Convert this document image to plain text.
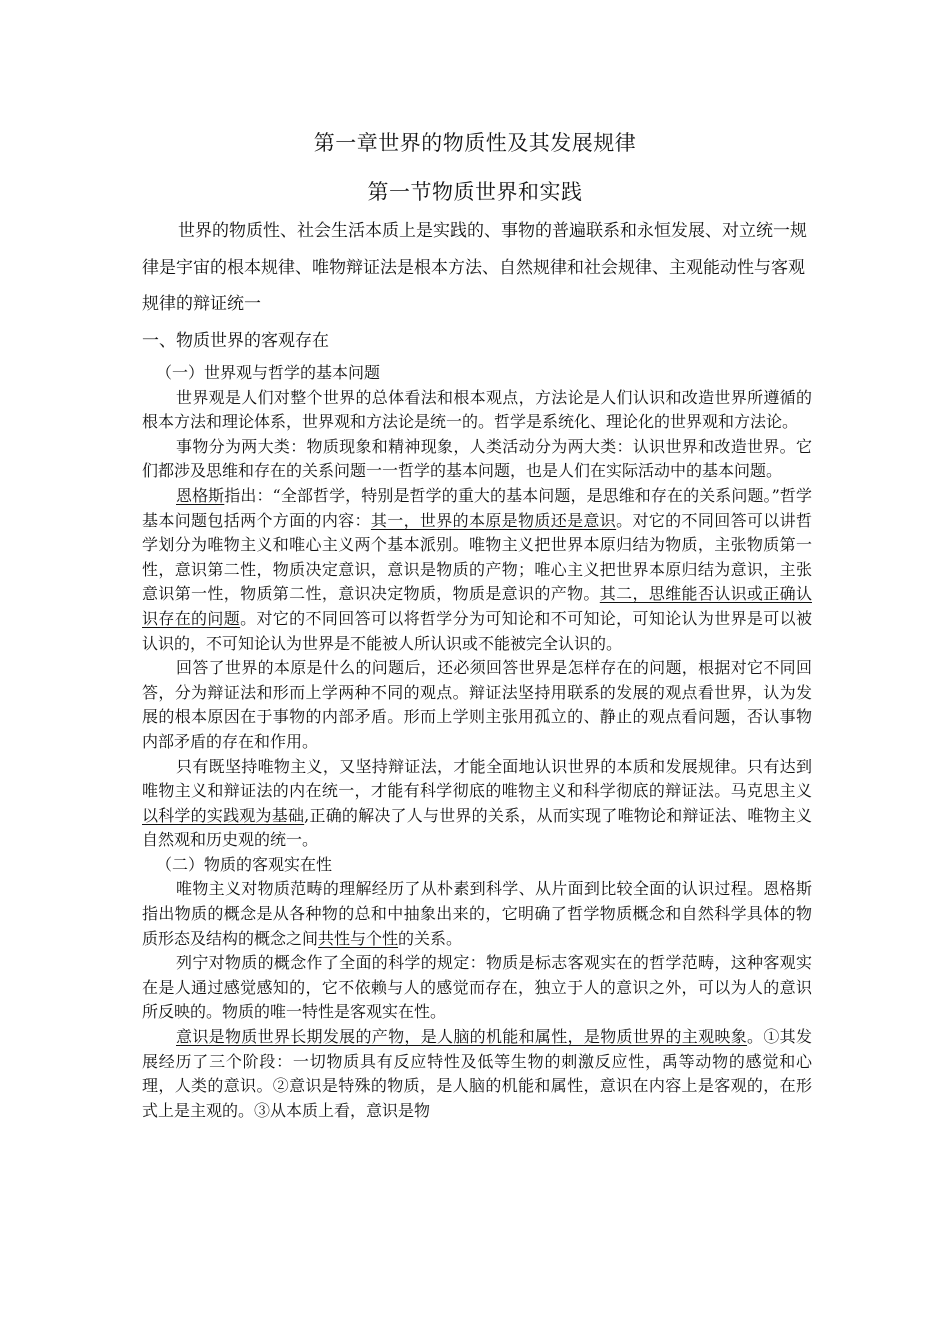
第一章世界的物质性及其发展规律
第一节物质世界和实践
世界的物质性、社会生活本质上是实践的、事物的普遍联系和永恒发展、对立统一规律是宇宙的根本规律、唯物辩证法是根本方法、自然规律和社会规律、主观能动性与客观规律的辩证统一
一、物质世界的客观存在

（一）世界观与哲学的基本问题

世界观是人们对整个世界的总体看法和根本观点，方法论是人们认识和改造世界所遵循的根本方法和理论体系，世界观和方法论是统一的。哲学是系统化、理论化的世界观和方法论。

事物分为两大类：物质现象和精神现象，人类活动分为两大类：认识世界和改造世界。它们都涉及思维和存在的关系问题一一哲学的基本问题，也是人们在实际活动中的基本问题。

恩格斯指出：“全部哲学，特别是哲学的重大的基本问题，是思维和存在的关系问题。”哲学基本问题包括两个方面的内容：其一，世界的本原是物质还是意识。对它的不同回答可以讲哲学划分为唯物主义和唯心主义两个基本派别。唯物主义把世界本原归结为物质，主张物质第一性，意识第二性，物质决定意识，意识是物质的产物；唯心主义把世界本原归结为意识，主张意识第一性，物质第二性，意识决定物质，物质是意识的产物。其二，思维能否认识或正确认识存在的问题。对它的不同回答可以将哲学分为可知论和不可知论，可知论认为世界是可以被认识的，不可知论认为世界是不能被人所认识或不能被完全认识的。

回答了世界的本原是什么的问题后，还必须回答世界是怎样存在的问题，根据对它不同回答，分为辩证法和形而上学两种不同的观点。辩证法坚持用联系的发展的观点看世界，认为发展的根本原因在于事物的内部矛盾。形而上学则主张用孤立的、静止的观点看问题，否认事物内部矛盾的存在和作用。

只有既坚持唯物主义，又坚持辩证法，才能全面地认识世界的本质和发展规律。只有达到唯物主义和辩证法的内在统一，才能有科学彻底的唯物主义和科学彻底的辩证法。马克思主义以科学的实践观为基础,正确的解决了人与世界的关系，从而实现了唯物论和辩证法、唯物主义自然观和历史观的统一。

（二）物质的客观实在性

唯物主义对物质范畴的理解经历了从朴素到科学、从片面到比较全面的认识过程。恩格斯指出物质的概念是从各种物的总和中抽象出来的，它明确了哲学物质概念和自然科学具体的物质形态及结构的概念之间共性与个性的关系。

列宁对物质的概念作了全面的科学的规定：物质是标志客观实在的哲学范畴，这种客观实在是人通过感觉感知的，它不依赖与人的感觉而存在，独立于人的意识之外，可以为人的意识所反映的。物质的唯一特性是客观实在性。

意识是物质世界长期发展的产物，是人脑的机能和属性，是物质世界的主观映象。①其发展经历了三个阶段：一切物质具有反应特性及低等生物的刺激反应性，禹等动物的感觉和心理，人类的意识。②意识是特殊的物质，是人脑的机能和属性，意识在内容上是客观的，在形式上是主观的。③从本质上看，意识是物
